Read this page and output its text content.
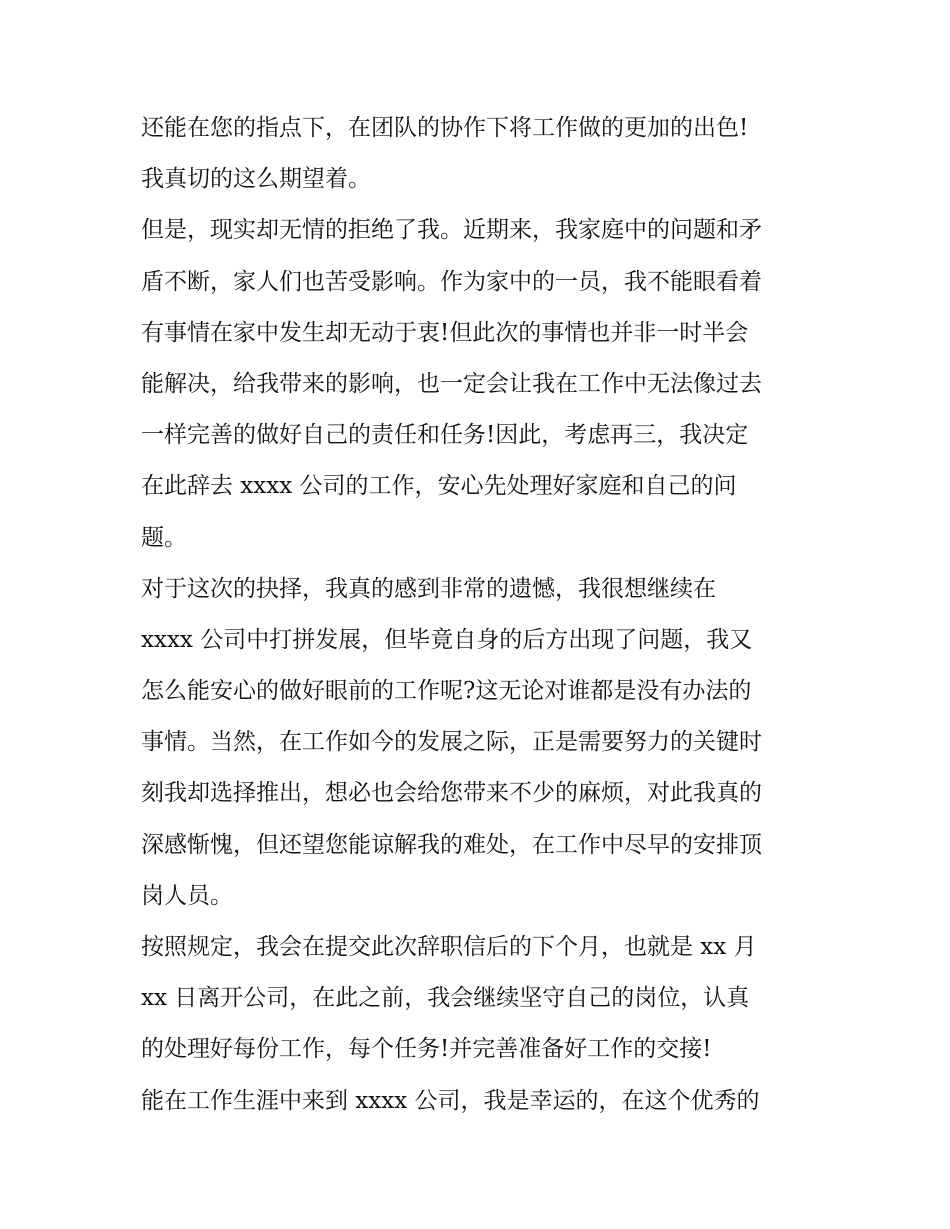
还能在您的指点下，在团队的协作下将工作做的更加的出色!
我真切的这么期望着。
但是，现实却无情的拒绝了我。近期来，我家庭中的问题和矛
盾不断，家人们也苦受影响。作为家中的一员，我不能眼看着
有事情在家中发生却无动于衷!但此次的事情也并非一时半会
能解决，给我带来的影响，也一定会让我在工作中无法像过去
一样完善的做好自己的责任和任务!因此，考虑再三，我决定
在此辞去 xxxx 公司的工作，安心先处理好家庭和自己的问
题。
对于这次的抉择，我真的感到非常的遗憾，我很想继续在
xxxx 公司中打拼发展，但毕竟自身的后方出现了问题，我又
怎么能安心的做好眼前的工作呢?这无论对谁都是没有办法的
事情。当然，在工作如今的发展之际，正是需要努力的关键时
刻我却选择推出，想必也会给您带来不少的麻烦，对此我真的
深感惭愧，但还望您能谅解我的难处，在工作中尽早的安排顶
岗人员。
按照规定，我会在提交此次辞职信后的下个月，也就是 xx 月
xx 日离开公司，在此之前，我会继续坚守自己的岗位，认真
的处理好每份工作，每个任务!并完善准备好工作的交接!
能在工作生涯中来到 xxxx 公司，我是幸运的，在这个优秀的
